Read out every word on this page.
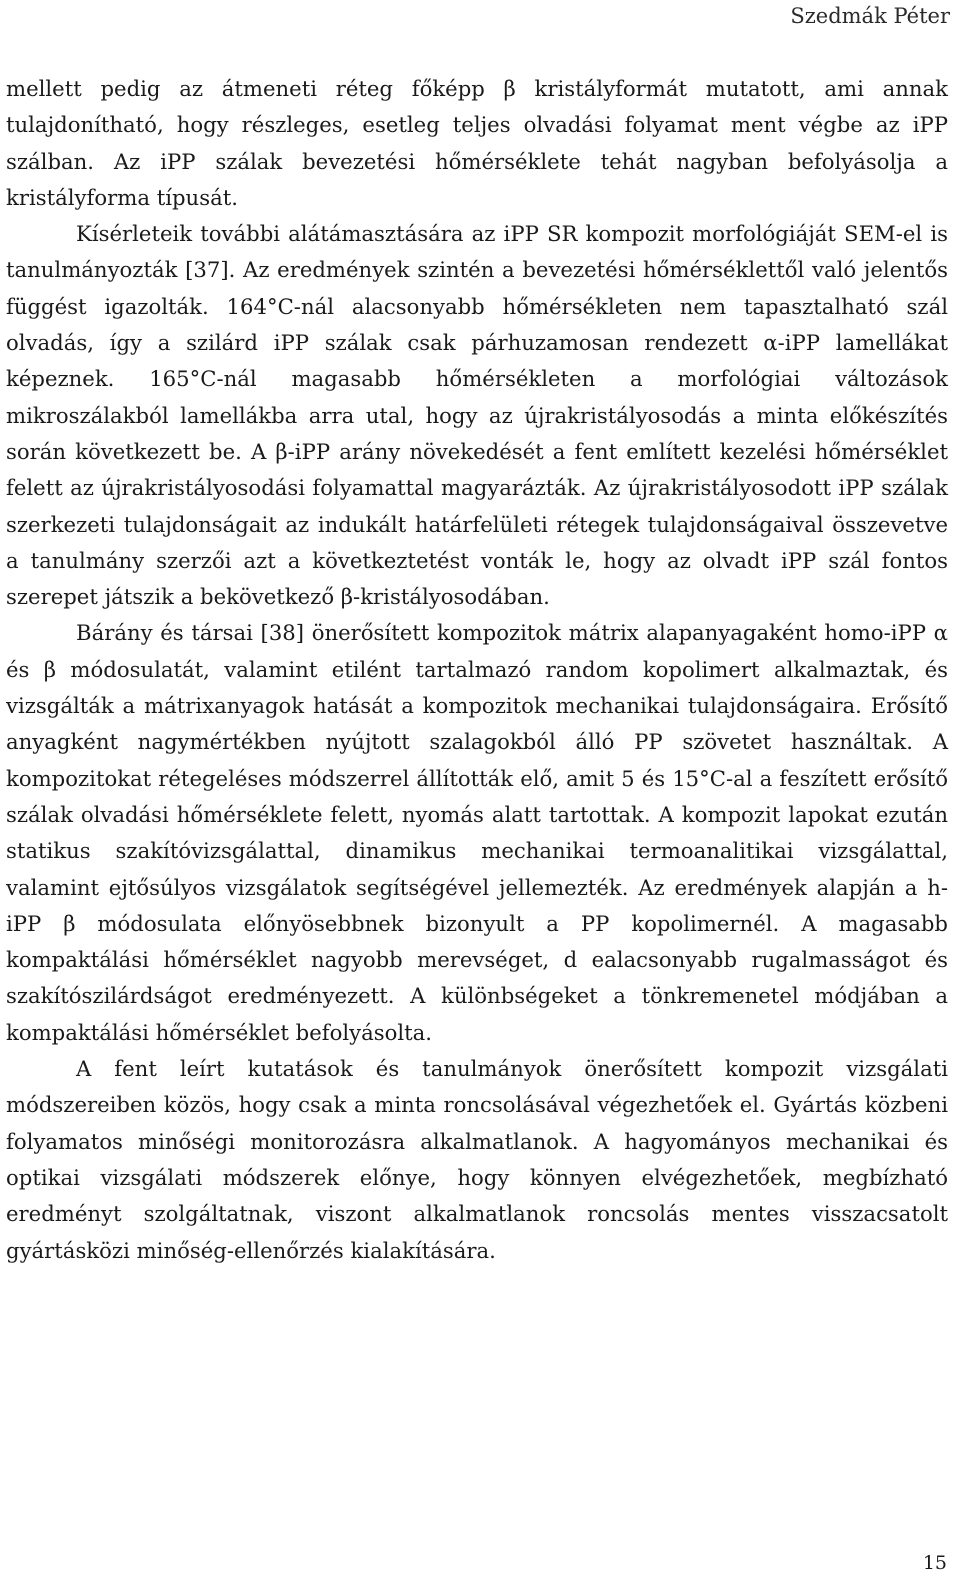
Szedmák Péter

mellett pedig az átmeneti réteg főképp β kristályformát mutatott, ami annak tulajdonítható, hogy részleges, esetleg teljes olvadási folyamat ment végbe az iPP szálban. Az iPP szálak bevezetési hőmérséklete tehát nagyban befolyásolja a kristályforma típusát.

Kísérleteik további alátámasztására az iPP SR kompozit morfológiáját SEM-el is tanulmányozták [37]. Az eredmények szintén a bevezetési hőmérséklettől való jelentős függést igazolták. 164°C-nál alacsonyabb hőmérsékleten nem tapasztalható szál olvadás, így a szilárd iPP szálak csak párhuzamosan rendezett α-iPP lamellákat képeznek. 165°C-nál magasabb hőmérsékleten a morfológiai változások mikroszálakból lamellákba arra utal, hogy az újrakristályosodás a minta előkészítés során következett be. A β-iPP arány növekedését a fent említett kezelési hőmérséklet felett az újrakristályosodási folyamattal magyarázták. Az újrakristályosodott iPP szálak szerkezeti tulajdonságait az indukált határfelületi rétegek tulajdonságaival összevetve a tanulmány szerzői azt a következtetést vonták le, hogy az olvadt iPP szál fontos szerepet játszik a bekövetkező β-kristályosodában.

Bárány és társai [38] önerősített kompozitok mátrix alapanyagaként homo-iPP α és β módosulatát, valamint etilént tartalmazó random kopolimert alkalmaztak, és vizsgálták a mátrixanyagok hatását a kompozitok mechanikai tulajdonságaira. Erősítő anyagként nagymértékben nyújtott szalagokból álló PP szövetet használtak. A kompozitokat rétegeléses módszerrel állították elő, amit 5 és 15°C-al a feszített erősítő szálak olvadási hőmérséklete felett, nyomás alatt tartottak. A kompozit lapokat ezután statikus szakítóvizsgálattal, dinamikus mechanikai termoanalitikai vizsgálattal, valamint ejtősúlyos vizsgálatok segítségével jellemezték. Az eredmények alapján a h-iPP β módosulata előnyösebbnek bizonyult a PP kopolimernél. A magasabb kompaktálási hőmérséklet nagyobb merevséget, d ealacsonyabb rugalmasságot és szakítószilárdságot eredményezett. A különbségeket a tönkremenetel módjában a kompaktálási hőmérséklet befolyásolta.

A fent leírt kutatások és tanulmányok önerősített kompozit vizsgálati módszereiben közös, hogy csak a minta roncsolásával végezhetőek el. Gyártás közbeni folyamatos minőségi monitorozásra alkalmatlanok. A hagyományos mechanikai és optikai vizsgálati módszerek előnye, hogy könnyen elvégezhetőek, megbízható eredményt szolgáltatnak, viszont alkalmatlanok roncsolás mentes visszacsatolt gyártásközi minőség-ellenőrzés kialakítására.

15
